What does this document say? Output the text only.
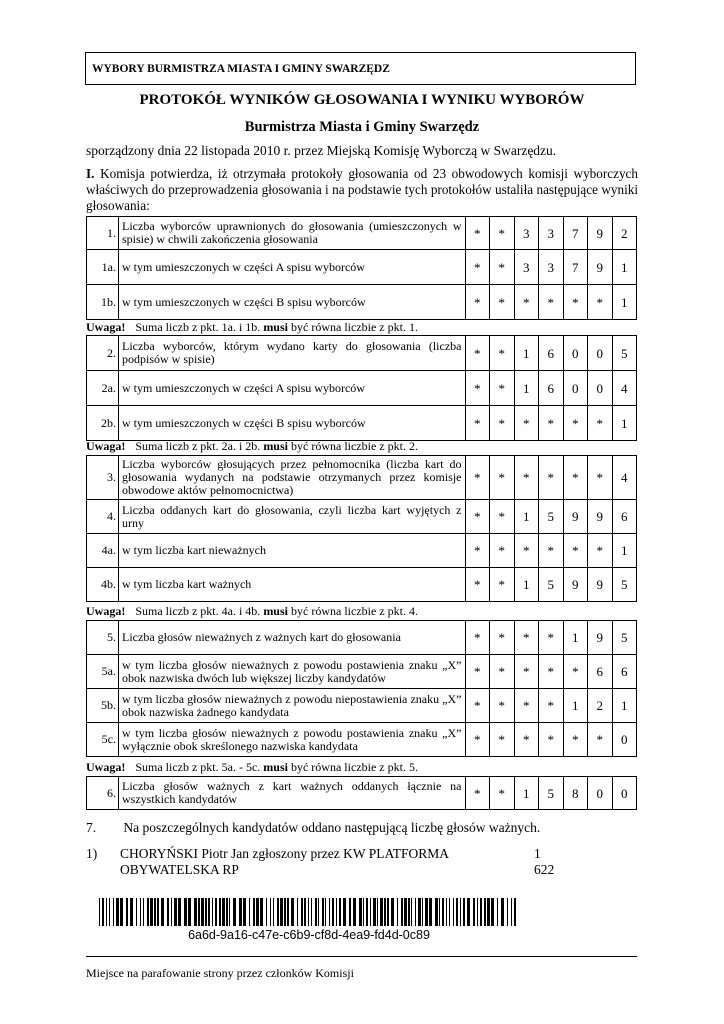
WYBORY BURMISTRZA MIASTA I GMINY SWARZĘDZ
PROTOKÓŁ WYNIKÓW GŁOSOWANIA I WYNIKU WYBORÓW
Burmistrza Miasta i Gminy Swarzędz
sporządzony dnia 22 listopada 2010 r. przez Miejską Komisję Wyborczą w Swarzędzu.
I. Komisja potwierdza, iż otrzymała protokoły głosowania od 23 obwodowych komisji wyborczych właściwych do przeprowadzenia głosowania i na podstawie tych protokołów ustaliła następujące wyniki głosowania:
1.	Liczba wyborców uprawnionych do głosowania (umieszczonych w spisie) w chwili zakończenia głosowania	*	*	3	3	7	9	2
1a.	w tym umieszczonych w części A spisu wyborców	*	*	3	3	7	9	1
1b.	w tym umieszczonych w części B spisu wyborców	*	*	*	*	*	*	1
Uwaga! Suma liczb z pkt. 1a. i 1b. musi być równa liczbie z pkt. 1.
2.	Liczba wyborców, którym wydano karty do głosowania (liczba podpisów w spisie)	*	*	1	6	0	0	5
2a.	w tym umieszczonych w części A spisu wyborców	*	*	1	6	0	0	4
2b.	w tym umieszczonych w części B spisu wyborców	*	*	*	*	*	*	1
Uwaga! Suma liczb z pkt. 2a. i 2b. musi być równa liczbie z pkt. 2.
3.	Liczba wyborców głosujących przez pełnomocnika (liczba kart do głosowania wydanych na podstawie otrzymanych przez komisje obwodowe aktów pełnomocnictwa)	*	*	*	*	*	*	4
4.	Liczba oddanych kart do głosowania, czyli liczba kart wyjętych z urny	*	*	1	5	9	9	6
4a.	w tym liczba kart nieważnych	*	*	*	*	*	*	1
4b.	w tym liczba kart ważnych	*	*	1	5	9	9	5
Uwaga! Suma liczb z pkt. 4a. i 4b. musi być równa liczbie z pkt. 4.
5.	Liczba głosów nieważnych z ważnych kart do głosowania	*	*	*	*	1	9	5
5a.	w tym liczba głosów nieważnych z powodu postawienia znaku „X” obok nazwiska dwóch lub większej liczby kandydatów	*	*	*	*	*	6	6
5b.	w tym liczba głosów nieważnych z powodu niepostawienia znaku „X” obok nazwiska żadnego kandydata	*	*	*	*	1	2	1
5c.	w tym liczba głosów nieważnych z powodu postawienia znaku „X” wyłącznie obok skreślonego nazwiska kandydata	*	*	*	*	*	*	0
Uwaga! Suma liczb z pkt. 5a. - 5c. musi być równa liczbie z pkt. 5.
6.	Liczba głosów ważnych z kart ważnych oddanych łącznie na wszystkich kandydatów	*	*	1	5	8	0	0
7. Na poszczególnych kandydatów oddano następującą liczbę głosów ważnych.
1) CHORYŃSKI Piotr Jan zgłoszony przez KW PLATFORMA OBYWATELSKA RP
1 622
6a6d-9a16-c47e-c6b9-cf8d-4ea9-fd4d-0c89
Miejsce na parafowanie strony przez członków Komisji
